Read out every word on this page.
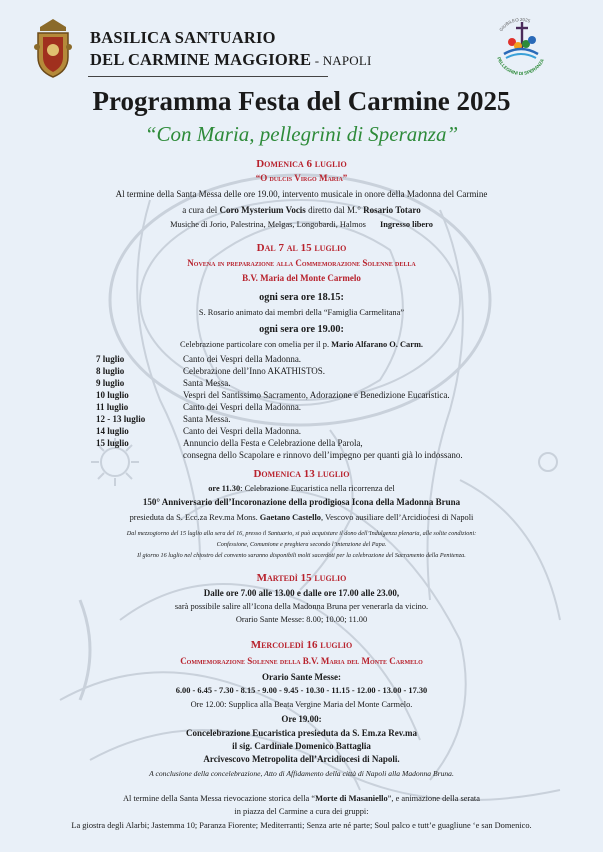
BASILICA SANTUARIO
DEL CARMINE MAGGIORE - NAPOLI
GIUBILEO 2025
PELLEGRINI DI SPERANZA
Programma Festa del Carmine 2025
“Con Maria, pellegrini di Speranza”
Domenica 6 luglio
“O dulcis Virgo Maria”
Al termine della Santa Messa delle ore 19.00, intervento musicale in onore della Madonna del Carmine
a cura del Coro Mysterium Vocis diretto dal M.° Rosario Totaro
Musiche di Jorio, Palestrina, Melgas, Longobardi, Halmos Ingresso libero
Dal 7 al 15 luglio
Novena in preparazione alla Commemorazione Solenne della
B.V. Maria del Monte Carmelo
ogni sera ore 18.15:
S. Rosario animato dai membri della “Famiglia Carmelitana”
ogni sera ore 19.00:
Celebrazione particolare con omelia per il p. Mario Alfarano O. Carm.
7 luglio	Canto dei Vespri della Madonna.
8 luglio	Celebrazione dell’Inno AKATHISTOS.
9 luglio	Santa Messa.
10 luglio	Vespri del Santissimo Sacramento, Adorazione e Benedizione Eucaristica.
11 luglio	Canto dei Vespri della Madonna.
12 - 13 luglio	Santa Messa.
14 luglio	Canto dei Vespri della Madonna.
15 luglio	Annuncio della Festa e Celebrazione della Parola,
consegna dello Scapolare e rinnovo dell’impegno per quanti già lo indossano.
Domenica 13 luglio
ore 11.30: Celebrazione Eucaristica nella ricorrenza del
150° Anniversario dell’Incoronazione della prodigiosa Icona della Madonna Bruna
presieduta da S. Ecc.za Rev.ma Mons. Gaetano Castello, Vescovo ausiliare dell’Arcidiocesi di Napoli
Dal mezzogiorno del 15 luglio alla sera del 16, presso il Santuario, si può acquistare il dono dell’Indulgenza plenaria, alle solite condizioni:
Confessione, Comunione e preghiera secondo l’intenzione del Papa.
Il giorno 16 luglio nel chiostro del convento saranno disponibili molti sacerdoti per la celebrazione del Sacramento della Penitenza.
Martedì 15 luglio
Dalle ore 7.00 alle 13.00 e dalle ore 17.00 alle 23.00,
sarà possibile salire all’Icona della Madonna Bruna per venerarla da vicino.
Orario Sante Messe: 8.00; 10.00; 11.00
Mercoledì 16 luglio
Commemorazione Solenne della B.V. Maria del Monte Carmelo
Orario Sante Messe:
6.00 - 6.45 - 7.30 - 8.15 - 9.00 - 9.45 - 10.30 - 11.15 - 12.00 - 13.00 - 17.30
Ore 12.00: Supplica alla Beata Vergine Maria del Monte Carmelo.
Ore 19.00:
Concelebrazione Eucaristica presieduta da S. Em.za Rev.ma
il sig. Cardinale Domenico Battaglia
Arcivescovo Metropolita dell’Arcidiocesi di Napoli.
A conclusione della concelebrazione, Atto di Affidamento della città di Napoli alla Madonna Bruna.
Al termine della Santa Messa rievocazione storica della “Morte di Masaniello”, e animazione della serata
in piazza del Carmine a cura dei gruppi:
La giostra degli Alarbi; Jastemma 10; Paranza Fiorente; Mediterranti; Senza arte né parte; Soul palco e tutt’e guagliune ‘e san Domenico.
